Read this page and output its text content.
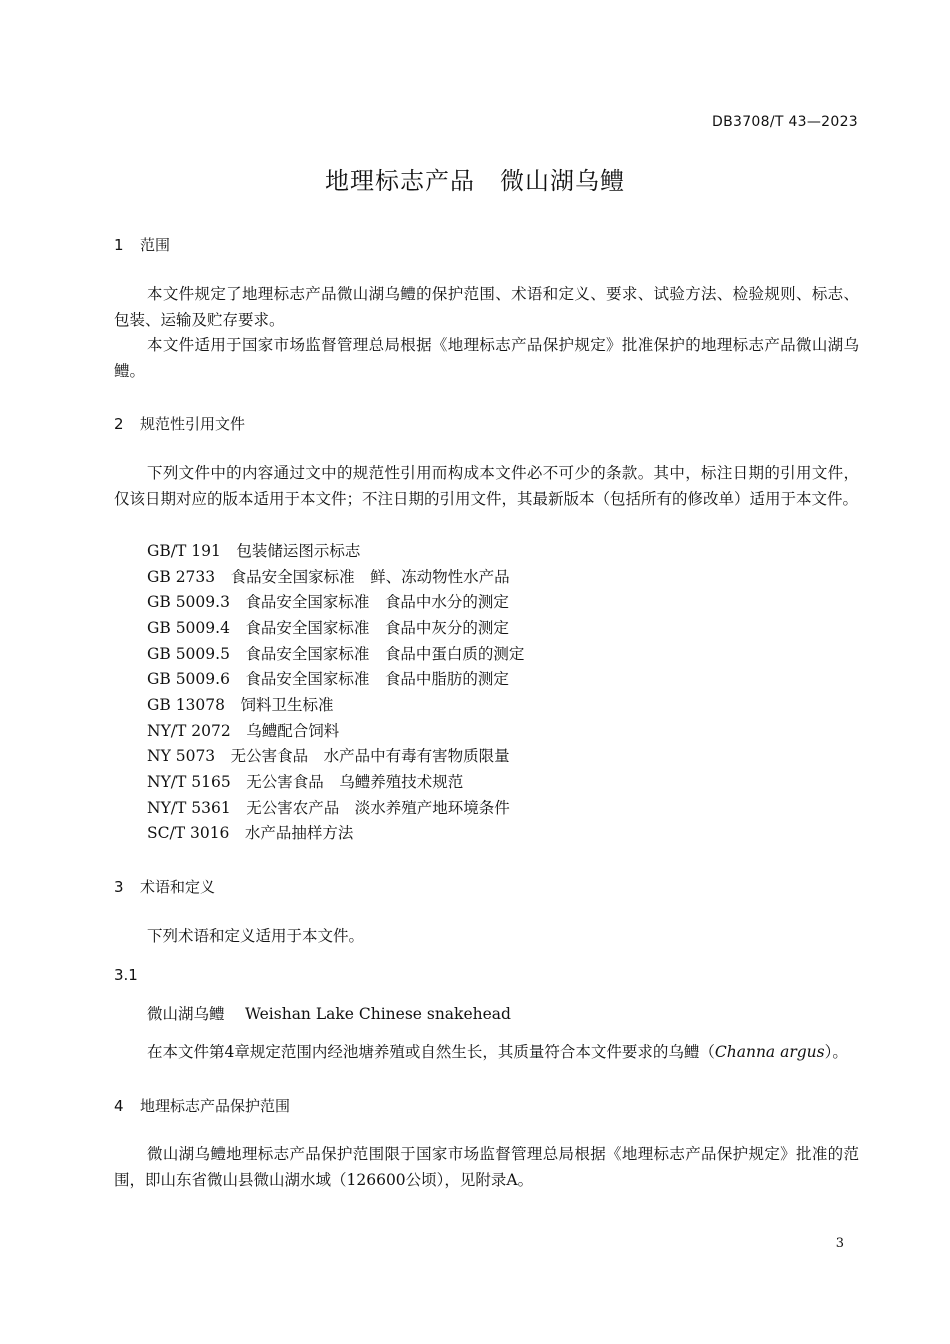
DB3708/T 43—2023
地理标志产品　微山湖乌鳢
1 范围
本文件规定了地理标志产品微山湖乌鳢的保护范围、术语和定义、要求、试验方法、检验规则、标志、包装、运输及贮存要求。
本文件适用于国家市场监督管理总局根据《地理标志产品保护规定》批准保护的地理标志产品微山湖乌鳢。
2 规范性引用文件
下列文件中的内容通过文中的规范性引用而构成本文件必不可少的条款。其中，标注日期的引用文件，仅该日期对应的版本适用于本文件；不注日期的引用文件，其最新版本（包括所有的修改单）适用于本文件。
GB/T 191　包装储运图示标志
GB 2733　食品安全国家标准　鲜、冻动物性水产品
GB 5009.3　食品安全国家标准　食品中水分的测定
GB 5009.4　食品安全国家标准　食品中灰分的测定
GB 5009.5　食品安全国家标准　食品中蛋白质的测定
GB 5009.6　食品安全国家标准　食品中脂肪的测定
GB 13078　饲料卫生标准
NY/T 2072　乌鳢配合饲料
NY 5073　无公害食品　水产品中有毒有害物质限量
NY/T 5165　无公害食品　乌鳢养殖技术规范
NY/T 5361　无公害农产品　淡水养殖产地环境条件
SC/T 3016　水产品抽样方法
3 术语和定义
下列术语和定义适用于本文件。
3.1
微山湖乌鳢　 Weishan Lake Chinese snakehead
在本文件第4章规定范围内经池塘养殖或自然生长，其质量符合本文件要求的乌鳢（Channa argus）。
4 地理标志产品保护范围
微山湖乌鳢地理标志产品保护范围限于国家市场监督管理总局根据《地理标志产品保护规定》批准的范围，即山东省微山县微山湖水域（126600公顷），见附录A。
3
